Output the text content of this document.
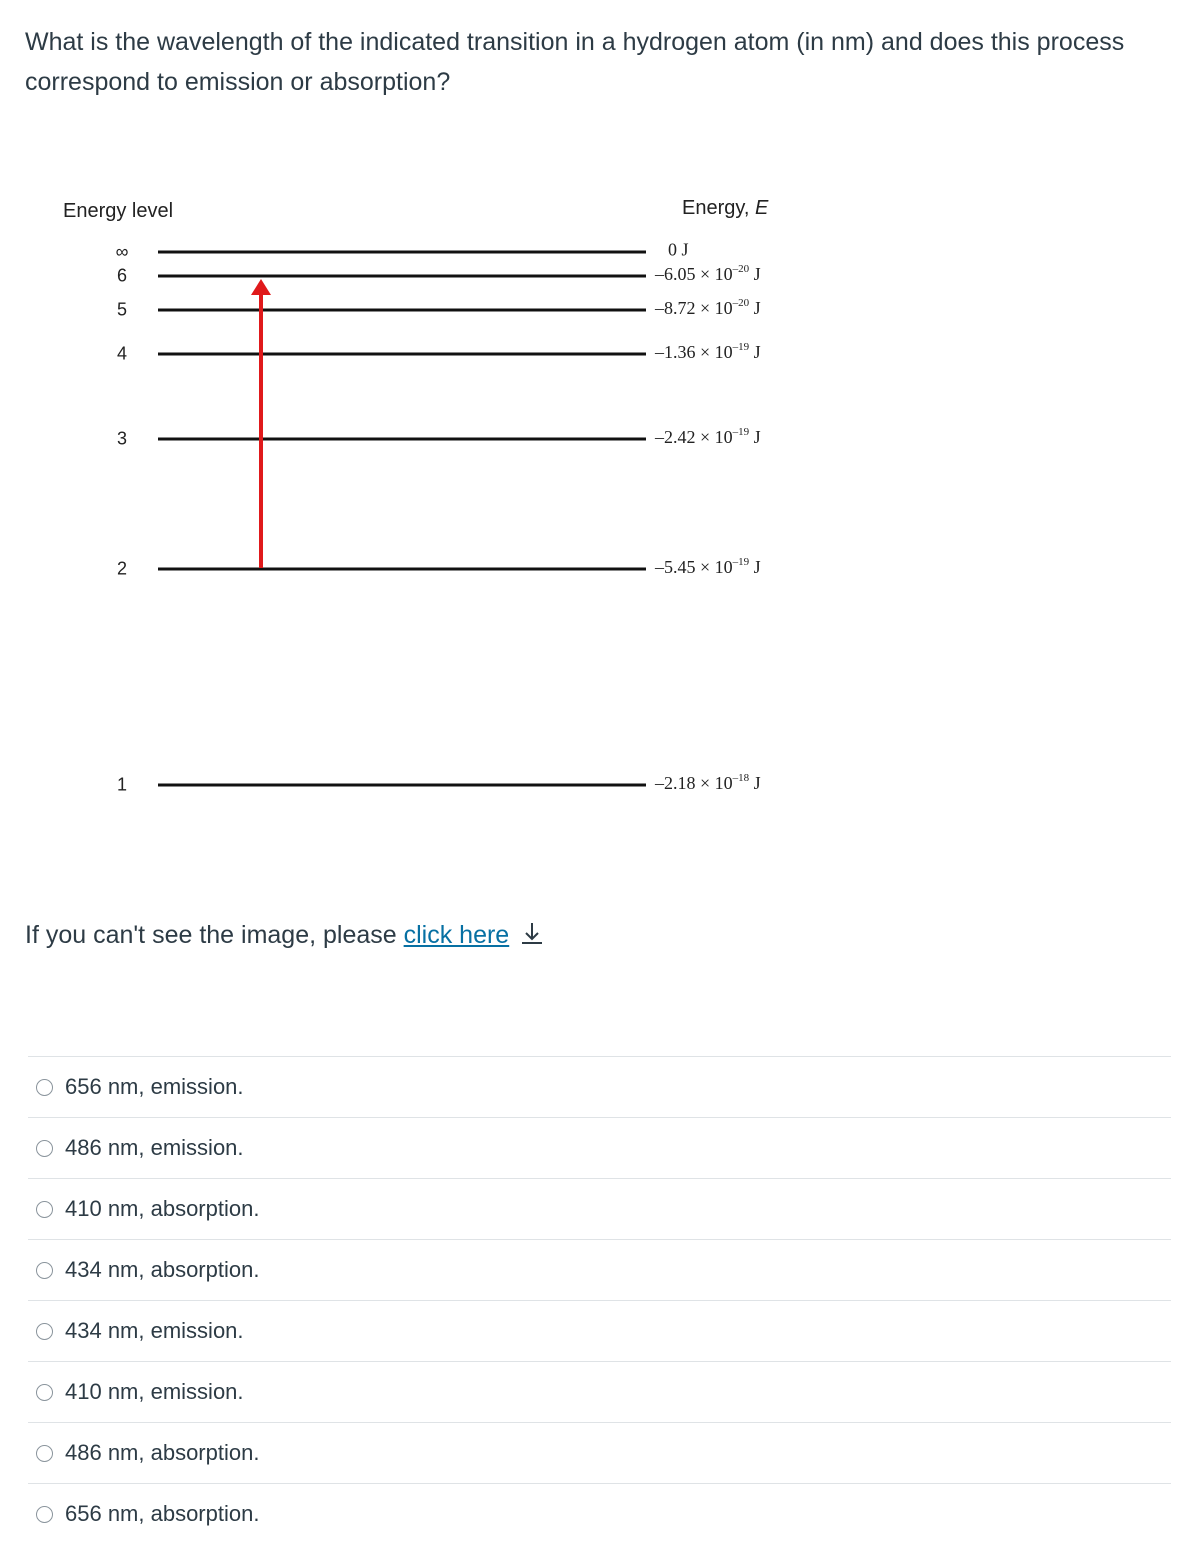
What is the wavelength of the indicated transition in a hydrogen atom (in nm) and does this process correspond to emission or absorption?

Energy level	Energy, E
∞	0 J
6	$-6.05 \times 10^{-20}$ J
5	$-8.72 \times 10^{-20}$ J
4	$-1.36 \times 10^{-19}$ J
3	$-2.42 \times 10^{-19}$ J
2	$-5.45 \times 10^{-19}$ J
1	$-2.18 \times 10^{-18}$ J
If you can't see the image, please click here
656 nm, emission.
486 nm, emission.
410 nm, absorption.
434 nm, absorption.
434 nm, emission.
410 nm, emission.
486 nm, absorption.
656 nm, absorption.
